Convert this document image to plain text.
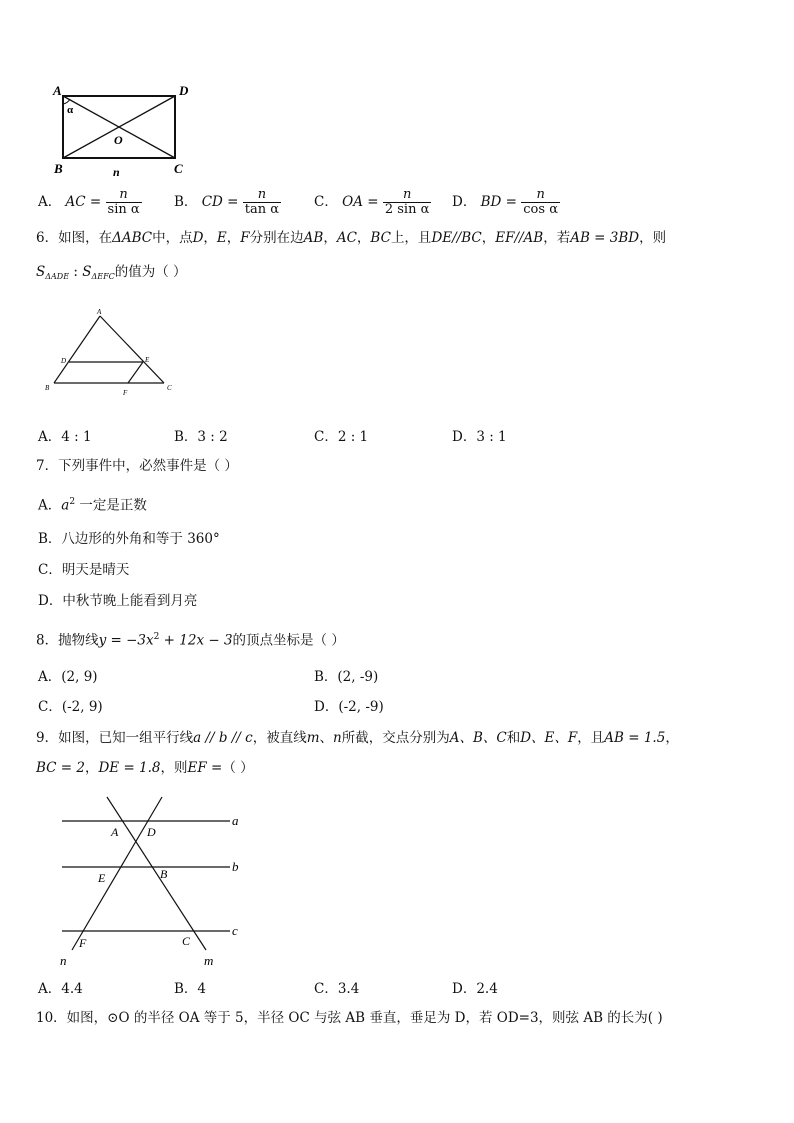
A	D
B	C
O
n
α
A． AC = $\frac{n}{\text{sin α}}$ B． CD = $\frac{n}{\text{tan α}}$ C． OA = $\frac{n}{\text{2 sin α}}$ D． BD = $\frac{n}{\text{cos α}}$
6．如图，在ΔABC中，点D，E，F分别在边AB，AC，BC上，且DE//BC，EF//AB，若AB = 3BD，则
$S_{\Delta ADE}$ : $S_{\Delta EFC}$的值为（ ）
A
D	E
B
F
C
A．4 : 1	B．3 : 2	C．2 : 1	D．3 : 1
7．下列事件中，必然事件是（ ）
A．$a^2$ 一定是正数
B．八边形的外角和等于 360°
C．明天是晴天
D．中秋节晚上能看到月亮
8．抛物线$y = -3x^2 + 12x - 3$的顶点坐标是（ ）
A．(2, 9)	B．(2, -9)
C．(-2, 9)	D．(-2, -9)
9．如图，已知一组平行线a // b // c，被直线m、n所截，交点分别为A、B、C和D、E、F，且AB = 1.5，
BC = 2，DE = 1.8，则EF =（ ）
a
b
c
A D
E	B
F	C
n	m
A．4.4	B．4	C．3.4	D．2.4
10．如图，⊙O 的半径 OA 等于 5，半径 OC 与弦 AB 垂直，垂足为 D，若 OD=3，则弦 AB 的长为( )
